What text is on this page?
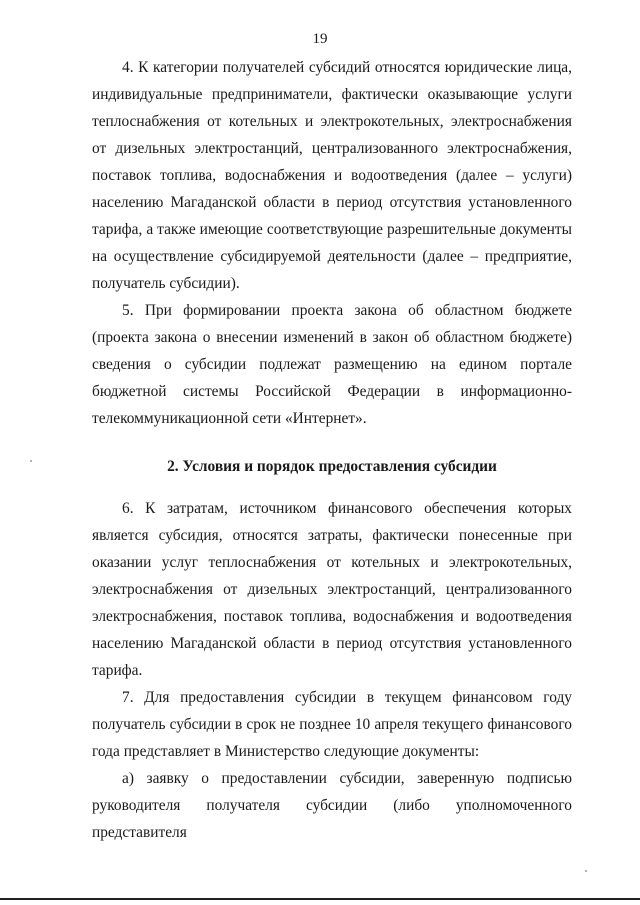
19

4. К категории получателей субсидий относятся юридические лица, индивидуальные предприниматели, фактически оказывающие услуги теплоснабжения от котельных и электрокотельных, электроснабжения от дизельных электростанций, централизованного электроснабжения, поставок топлива, водоснабжения и водоотведения (далее – услуги) населению Магаданской области в период отсутствия установленного тарифа, а также имеющие соответствующие разрешительные документы на осуществление субсидируемой деятельности (далее – предприятие, получатель субсидии).

5. При формировании проекта закона об областном бюджете (проекта закона о внесении изменений в закон об областном бюджете) сведения о субсидии подлежат размещению на едином портале бюджетной системы Российской Федерации в информационно-телекоммуникационной сети «Интернет».

2. Условия и порядок предоставления субсидии

6. К затратам, источником финансового обеспечения которых является субсидия, относятся затраты, фактически понесенные при оказании услуг теплоснабжения от котельных и электрокотельных, электроснабжения от дизельных электростанций, централизованного электроснабжения, поставок топлива, водоснабжения и водоотведения населению Магаданской области в период отсутствия установленного тарифа.

7. Для предоставления субсидии в текущем финансовом году получатель субсидии в срок не позднее 10 апреля текущего финансового года представляет в Министерство следующие документы:

а) заявку о предоставлении субсидии, заверенную подписью руководителя получателя субсидии (либо уполномоченного представителя
